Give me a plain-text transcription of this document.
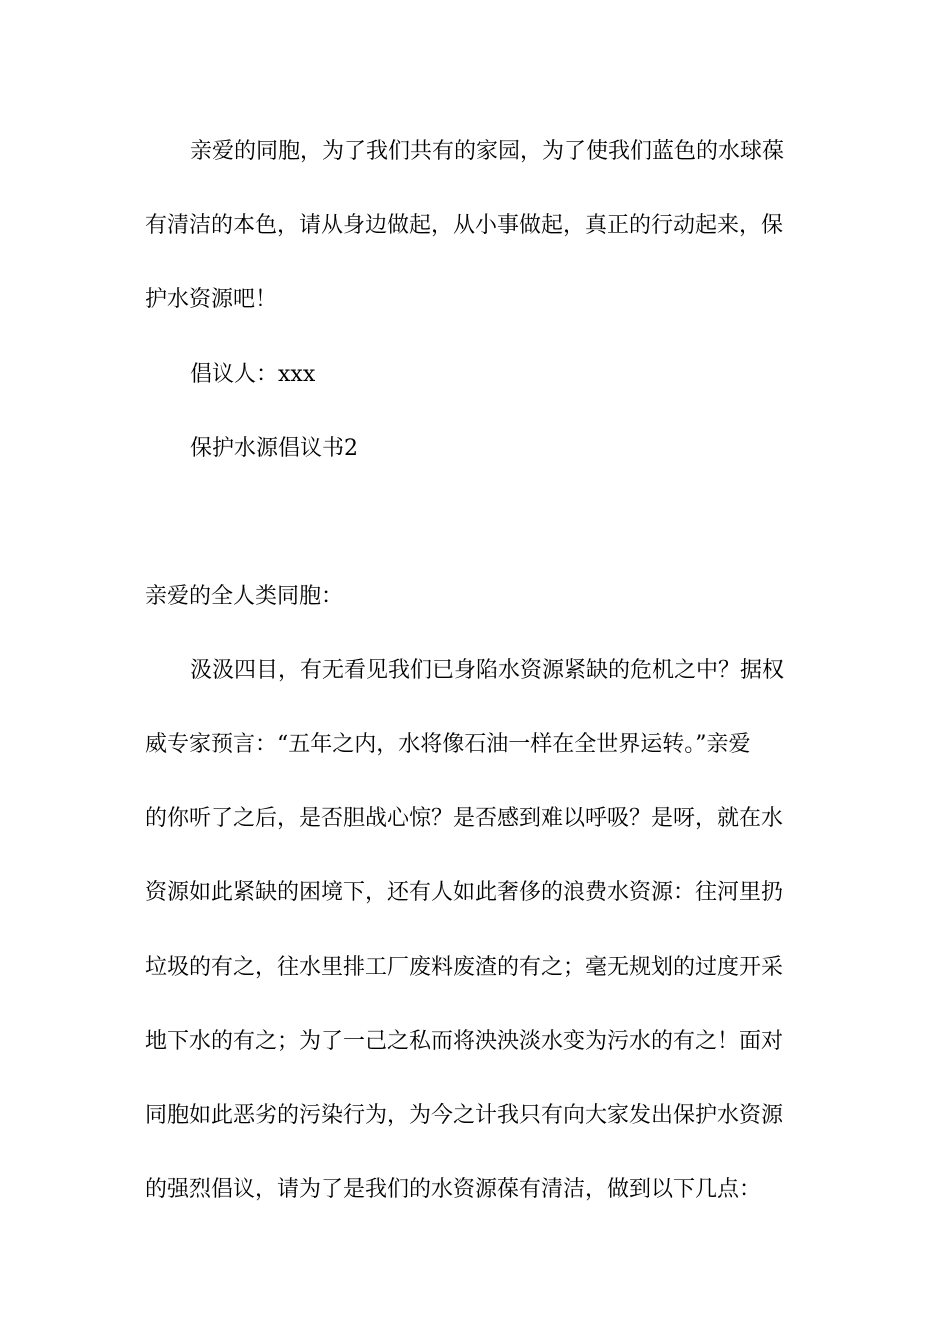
亲爱的同胞，为了我们共有的家园，为了使我们蓝色的水球葆
有清洁的本色，请从身边做起，从小事做起，真正的行动起来，保
护水资源吧！
倡议人：xxx
保护水源倡议书2
亲爱的全人类同胞：
汲汲四目，有无看见我们已身陷水资源紧缺的危机之中？据权
威专家预言：“五年之内，水将像石油一样在全世界运转。”亲爱
的你听了之后，是否胆战心惊？是否感到难以呼吸？是呀，就在水
资源如此紧缺的困境下，还有人如此奢侈的浪费水资源：往河里扔
垃圾的有之，往水里排工厂废料废渣的有之；毫无规划的过度开采
地下水的有之；为了一己之私而将泱泱淡水变为污水的有之！面对
同胞如此恶劣的污染行为，为今之计我只有向大家发出保护水资源
的强烈倡议，请为了是我们的水资源葆有清洁，做到以下几点：
